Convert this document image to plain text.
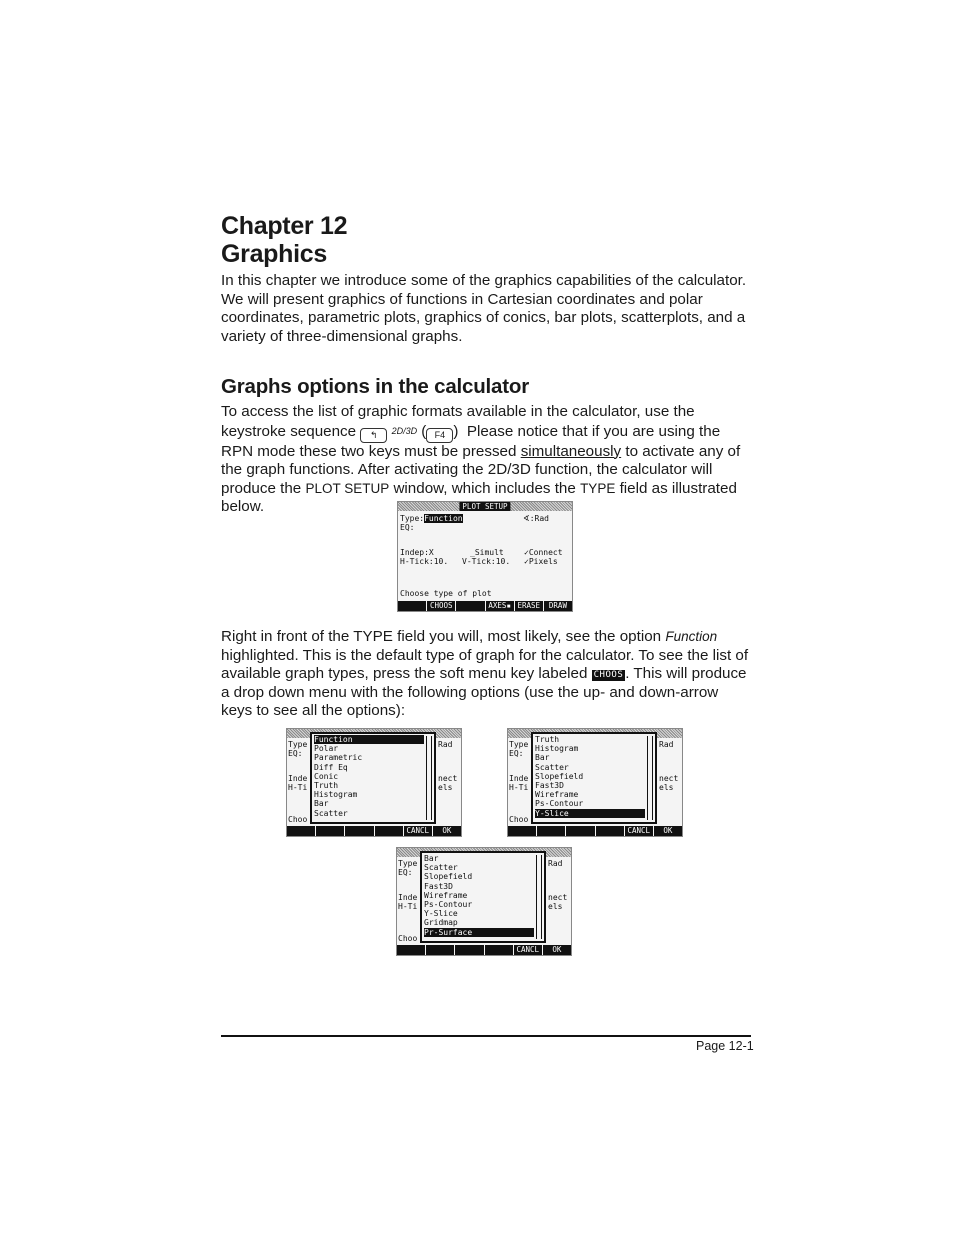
Chapter 12
Graphics

In this chapter we introduce some of the graphics capabilities of the calculator. We will present graphics of functions in Cartesian coordinates and polar coordinates, parametric plots, graphics of conics, bar plots, scatterplots, and a variety of three-dimensional graphs.

Graphs options in the calculator

To access the list of graphic formats available in the calculator, use the keystroke sequence ↰ 2D/3D ( F4 )  Please notice that if you are using the RPN mode these two keys must be pressed simultaneously to activate any of the graph functions. After activating the 2D/3D function, the calculator will produce the PLOT SETUP window, which includes the TYPE field as illustrated below.	PLOT SETUP
Type:Function	∢:Rad
EQ:
Indep:X	_Simult	✓Connect
H-Tick:10. V-Tick:10. ✓Pixels
Choose type of plot
CHOOS	AXES▪ ERASE	DRAW

Right in front of the TYPE field you will, most likely, see the option Function highlighted. This is the default type of graph for the calculator. To see the list of available graph types, press the soft menu key labeled CHOOS . This will produce a drop down menu with the following options (use the up- and down-arrow keys to see all the options):

Type
EQ:
Inde
H-Ti
Choo
Rad
nect
els
Function
Polar
Parametric
Diff Eq
Conic
Truth
Histogram
Bar
Scatter
CANCL	OK
Type
EQ:
Inde
H-Ti
Choo
Rad
nect
els
Truth
Histogram
Bar
Scatter
Slopefield
Fast3D
Wireframe
Ps-Contour
Y-Slice
CANCL	OK
Type
EQ:
Inde
H-Ti
Choo
Rad
nect
els
Bar
Scatter
Slopefield
Fast3D
Wireframe
Ps-Contour
Y-Slice
Gridmap
Pr-Surface
CANCL	OK
Page 12-1
